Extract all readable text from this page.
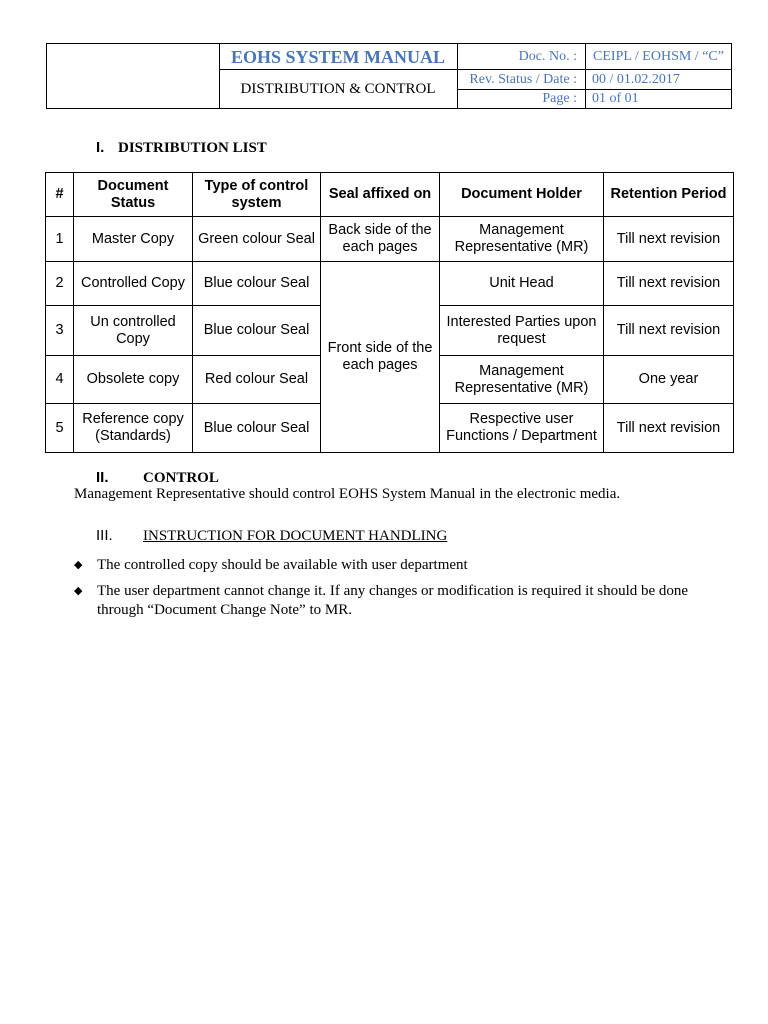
EOHS SYSTEM MANUAL
DISTRIBUTION & CONTROL
Doc. No. :	CEIPL / EOHSM / “C”
Rev. Status / Date :	00 / 01.02.2017
Page :	01 of 01
I. DISTRIBUTION LIST
#	Document Status	Type of control system	Seal affixed on	Document Holder	Retention Period
1	Master Copy	Green colour Seal	Back side of the each pages	Management Representative (MR)	Till next revision
2	Controlled Copy	Blue colour Seal	Front side of the each pages	Unit Head	Till next revision
3	Un controlled Copy	Blue colour Seal		Interested Parties upon request	Till next revision
4	Obsolete copy	Red colour Seal		Management Representative (MR)	One year
5	Reference copy (Standards)	Blue colour Seal		Respective user Functions / Department	Till next revision
II. CONTROL
Management Representative should control EOHS System Manual in the electronic media.
III. INSTRUCTION FOR DOCUMENT HANDLING
◆ The controlled copy should be available with user department
◆ The user department cannot change it. If any changes or modification is required it should be done through “Document Change Note” to MR.
